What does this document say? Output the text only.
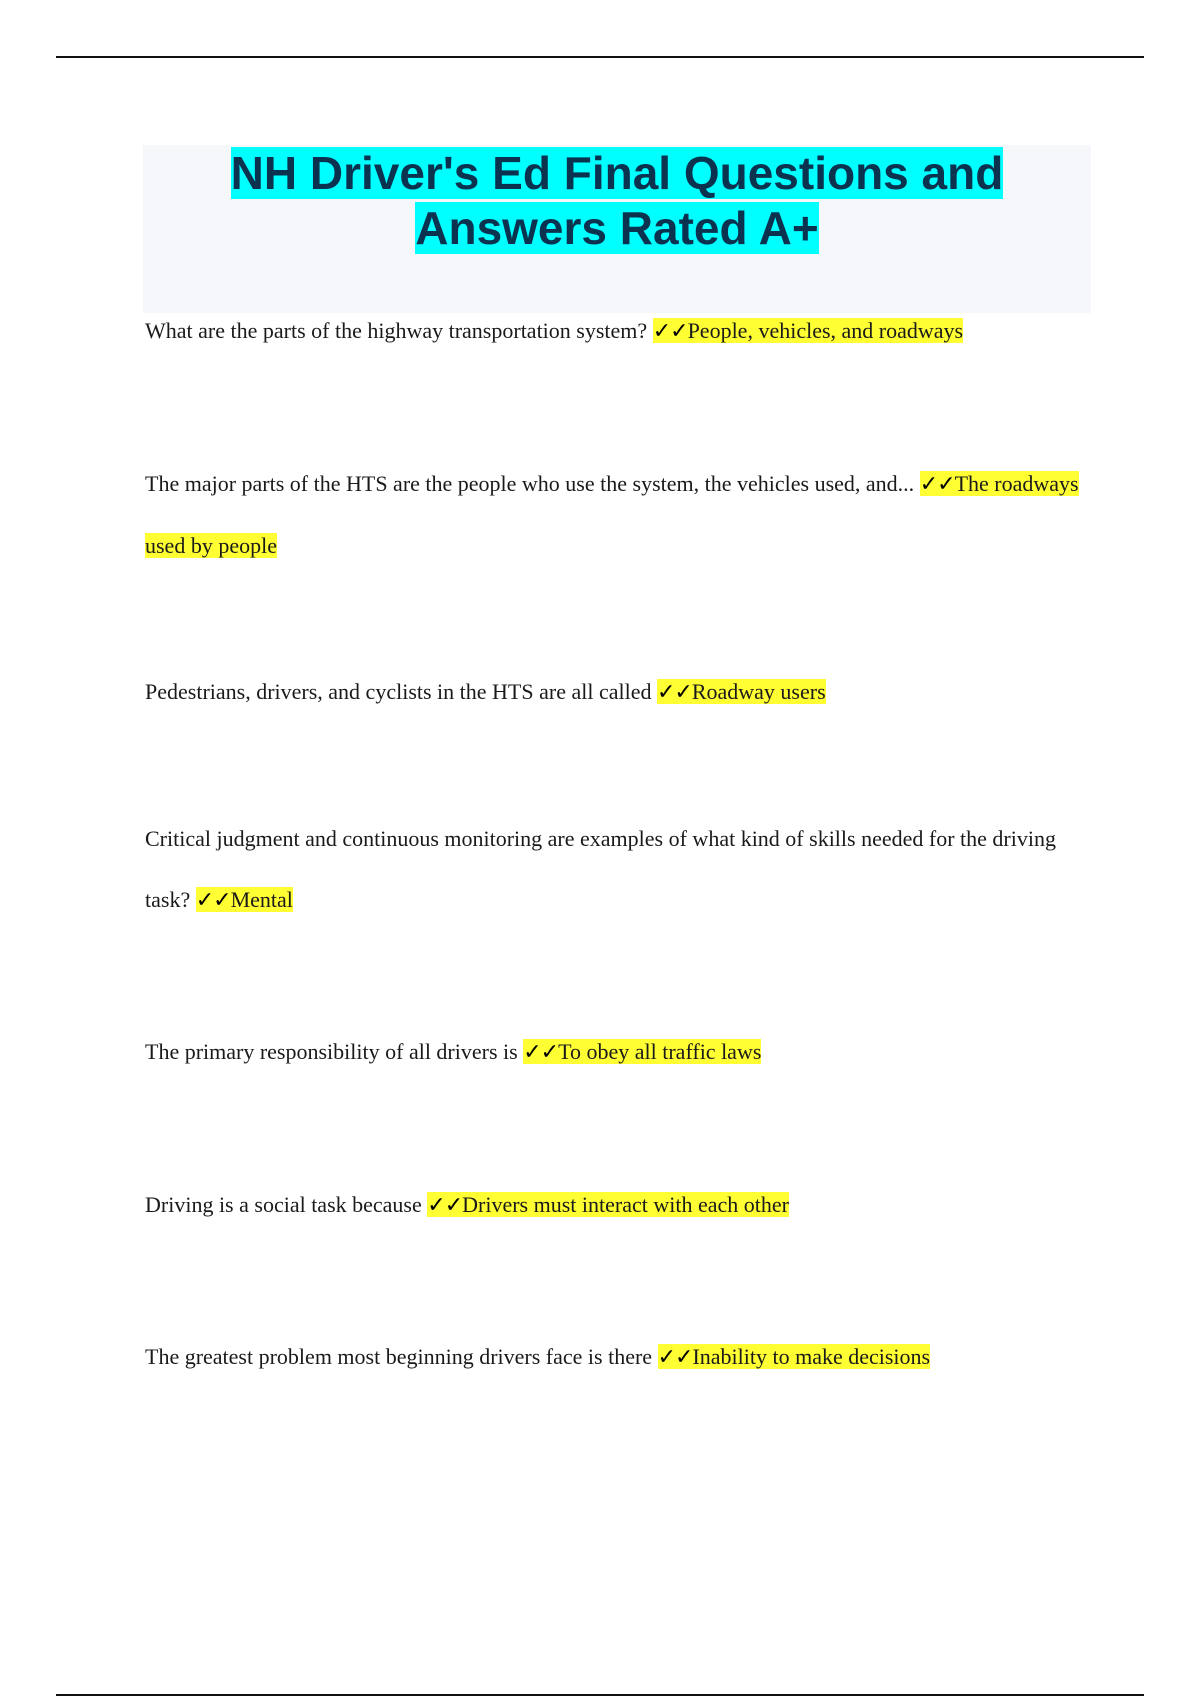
NH Driver's Ed Final Questions and
Answers Rated A+

What are the parts of the highway transportation system? ✓✓People, vehicles, and roadways

The major parts of the HTS are the people who use the system, the vehicles used, and... ✓✓The roadways used by people

Pedestrians, drivers, and cyclists in the HTS are all called ✓✓Roadway users

Critical judgment and continuous monitoring are examples of what kind of skills needed for the driving task? ✓✓Mental

The primary responsibility of all drivers is ✓✓To obey all traffic laws

Driving is a social task because ✓✓Drivers must interact with each other

The greatest problem most beginning drivers face is there ✓✓Inability to make decisions
